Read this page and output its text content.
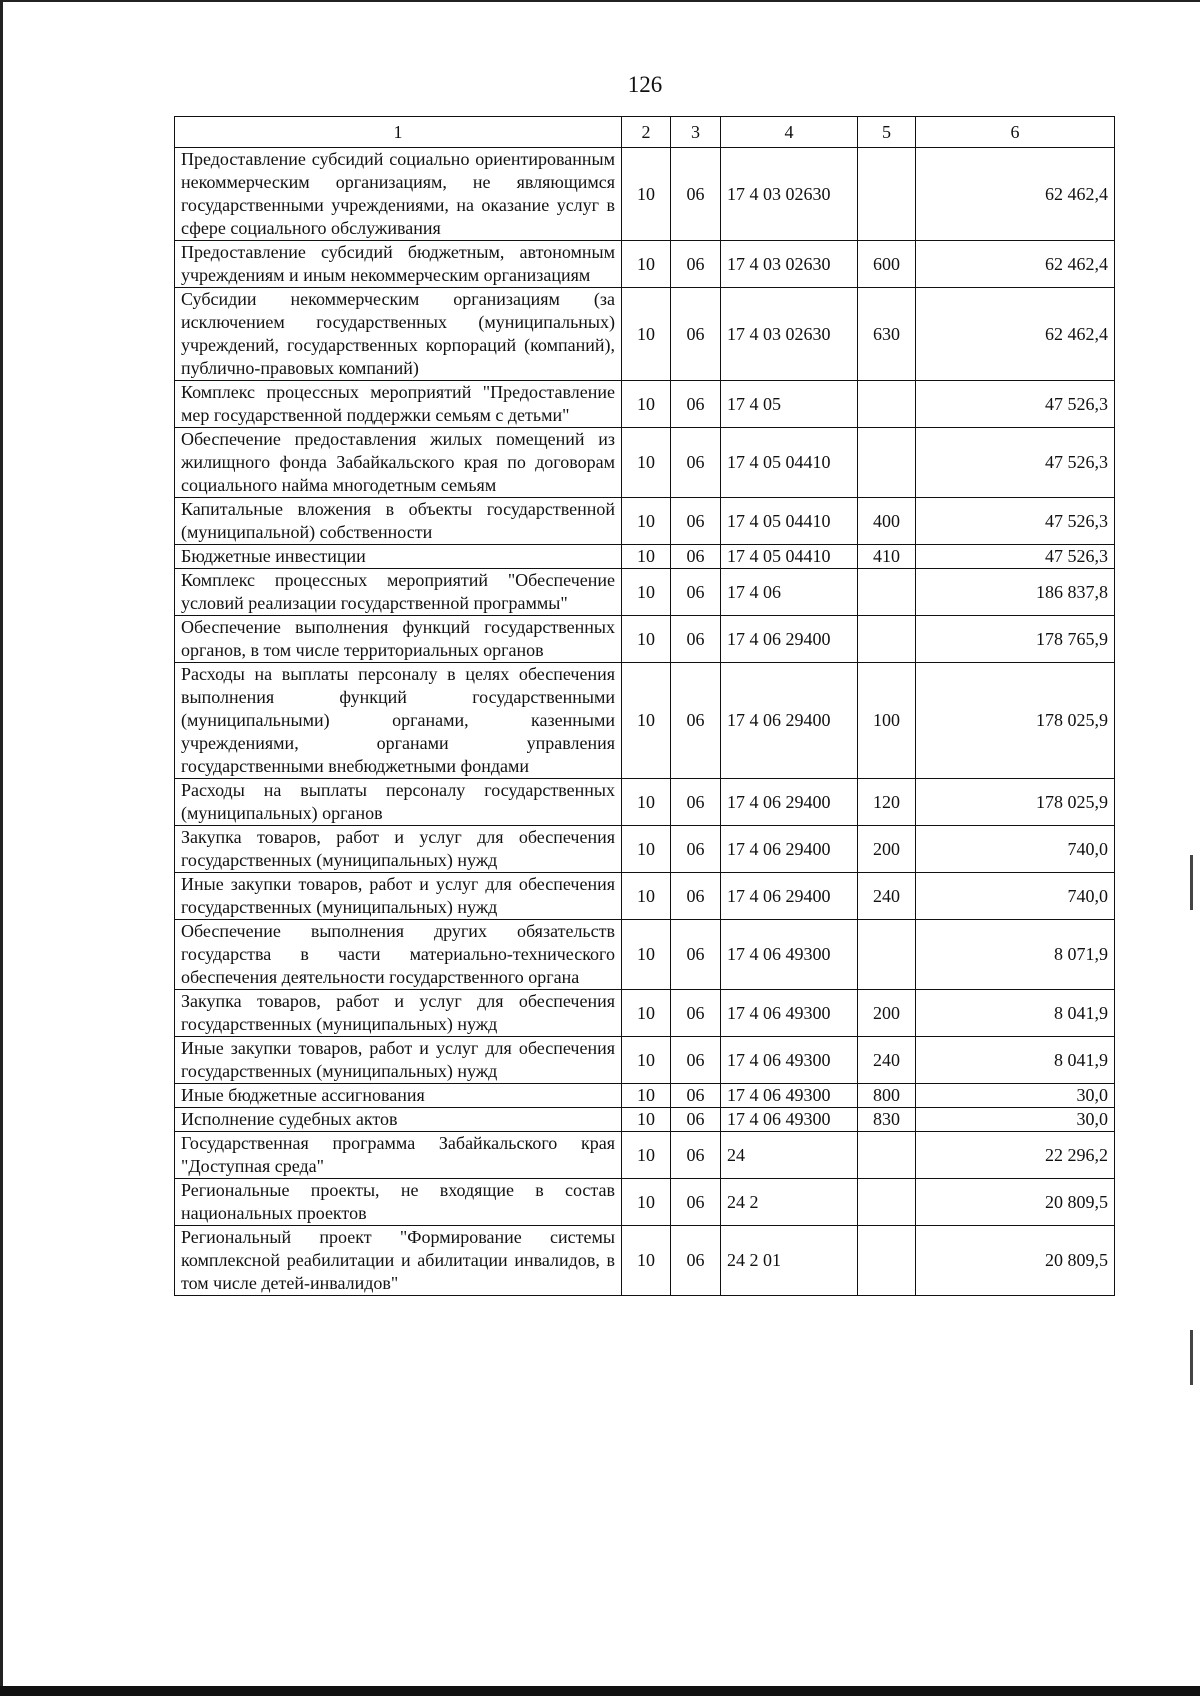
126
1	2	3	4	5	6
Предоставление субсидий социально ориентированным некоммерческим организациям, не являющимся государственными учреждениями, на оказание услуг в сфере социального обслуживания	10	06	17 4 03 02630		62 462,4
Предоставление субсидий бюджетным, автономным учреждениям и иным некоммерческим организациям	10	06	17 4 03 02630	600	62 462,4
Субсидии некоммерческим организациям (за исключением государственных (муниципальных) учреждений, государственных корпораций (компаний), публично-правовых компаний)	10	06	17 4 03 02630	630	62 462,4
Комплекс процессных мероприятий "Предоставление мер государственной поддержки семьям с детьми"	10	06	17 4 05		47 526,3
Обеспечение предоставления жилых помещений из жилищного фонда Забайкальского края по договорам социального найма многодетным семьям	10	06	17 4 05 04410		47 526,3
Капитальные вложения в объекты государственной (муниципальной) собственности	10	06	17 4 05 04410	400	47 526,3
Бюджетные инвестиции	10	06	17 4 05 04410	410	47 526,3
Комплекс процессных мероприятий "Обеспечение условий реализации государственной программы"	10	06	17 4 06		186 837,8
Обеспечение выполнения функций государственных органов, в том числе территориальных органов	10	06	17 4 06 29400		178 765,9
Расходы на выплаты персоналу в целях обеспечения выполнения функций государственными (муниципальными) органами, казенными учреждениями, органами управления государственными внебюджетными фондами	10	06	17 4 06 29400	100	178 025,9
Расходы на выплаты персоналу государственных (муниципальных) органов	10	06	17 4 06 29400	120	178 025,9
Закупка товаров, работ и услуг для обеспечения государственных (муниципальных) нужд	10	06	17 4 06 29400	200	740,0
Иные закупки товаров, работ и услуг для обеспечения государственных (муниципальных) нужд	10	06	17 4 06 29400	240	740,0
Обеспечение выполнения других обязательств государства в части материально-технического обеспечения деятельности государственного органа	10	06	17 4 06 49300		8 071,9
Закупка товаров, работ и услуг для обеспечения государственных (муниципальных) нужд	10	06	17 4 06 49300	200	8 041,9
Иные закупки товаров, работ и услуг для обеспечения государственных (муниципальных) нужд	10	06	17 4 06 49300	240	8 041,9
Иные бюджетные ассигнования	10	06	17 4 06 49300	800	30,0
Исполнение судебных актов	10	06	17 4 06 49300	830	30,0
Государственная программа Забайкальского края "Доступная среда"	10	06	24		22 296,2
Региональные проекты, не входящие в состав национальных проектов	10	06	24 2		20 809,5
Региональный проект "Формирование системы комплексной реабилитации и абилитации инвалидов, в том числе детей-инвалидов"	10	06	24 2 01		20 809,5
